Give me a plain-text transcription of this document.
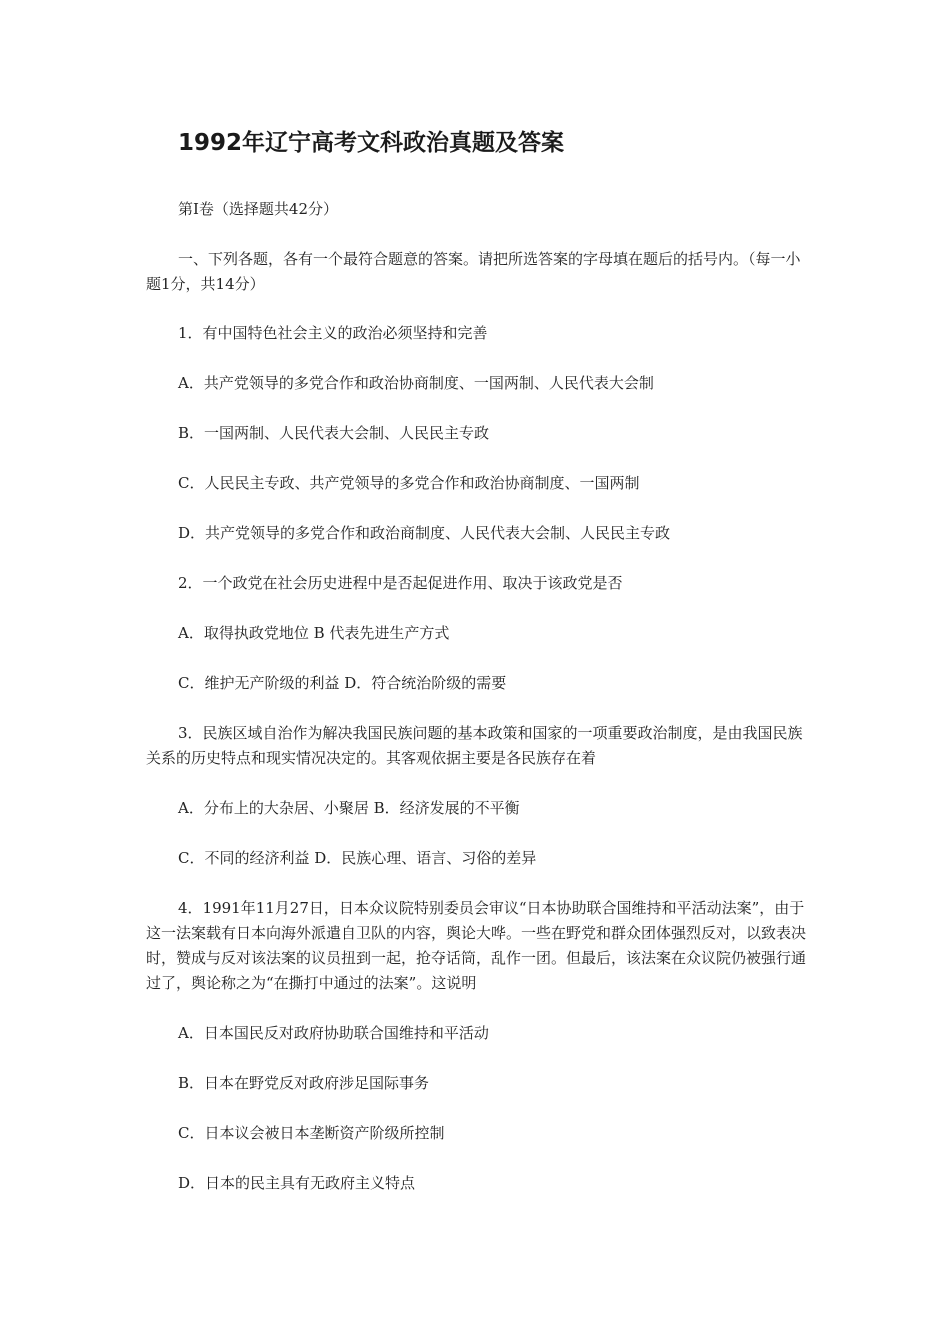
1992年辽宁高考文科政治真题及答案
第Ⅰ卷（选择题共42分）
一、下列各题，各有一个最符合题意的答案。请把所选答案的字母填在题后的括号内。（每一小题1分，共14分）
1．有中国特色社会主义的政治必须坚持和完善
A．共产党领导的多党合作和政治协商制度、一国两制、人民代表大会制
B．一国两制、人民代表大会制、人民民主专政
C．人民民主专政、共产党领导的多党合作和政治协商制度、一国两制
D．共产党领导的多党合作和政治商制度、人民代表大会制、人民民主专政
2．一个政党在社会历史进程中是否起促进作用、取决于该政党是否
A．取得执政党地位 B 代表先进生产方式
C．维护无产阶级的利益 D．符合统治阶级的需要
3．民族区域自治作为解决我国民族问题的基本政策和国家的一项重要政治制度，是由我国民族关系的历史特点和现实情况决定的。其客观依据主要是各民族存在着
A．分布上的大杂居、小聚居 B．经济发展的不平衡
C．不同的经济利益 D．民族心理、语言、习俗的差异
4．1991年11月27日，日本众议院特别委员会审议“日本协助联合国维持和平活动法案”，由于这一法案载有日本向海外派遣自卫队的内容，舆论大哗。一些在野党和群众团体强烈反对，以致表决时，赞成与反对该法案的议员扭到一起，抢夺话筒，乱作一团。但最后，该法案在众议院仍被强行通过了，舆论称之为“在撕打中通过的法案”。这说明
A．日本国民反对政府协助联合国维持和平活动
B．日本在野党反对政府涉足国际事务
C．日本议会被日本垄断资产阶级所控制
D．日本的民主具有无政府主义特点
